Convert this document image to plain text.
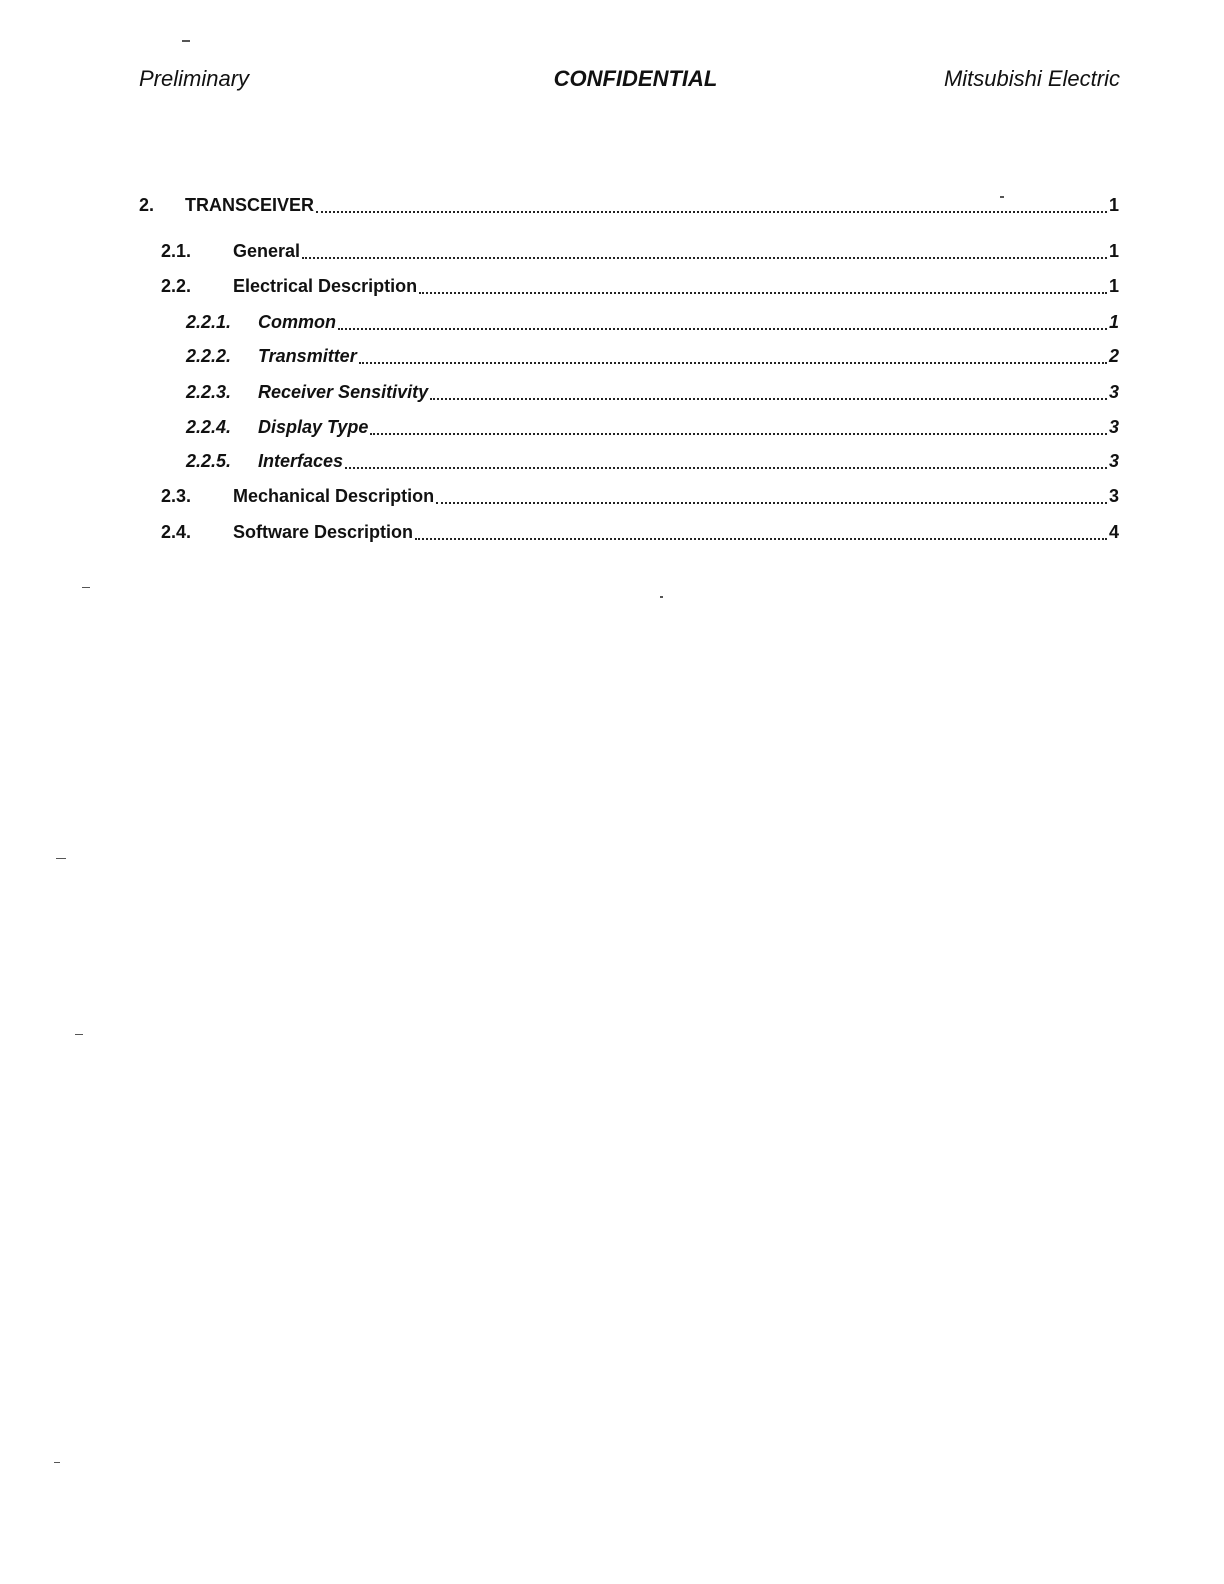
Preliminary	CONFIDENTIAL	Mitsubishi Electric
2.	TRANSCEIVER	1
2.1.	General	1
2.2.	Electrical Description	1
2.2.1.	Common	1
2.2.2.	Transmitter	2
2.2.3.	Receiver Sensitivity	3
2.2.4.	Display Type	3
2.2.5.	Interfaces	3
2.3.	Mechanical Description	3
2.4.	Software Description	4
